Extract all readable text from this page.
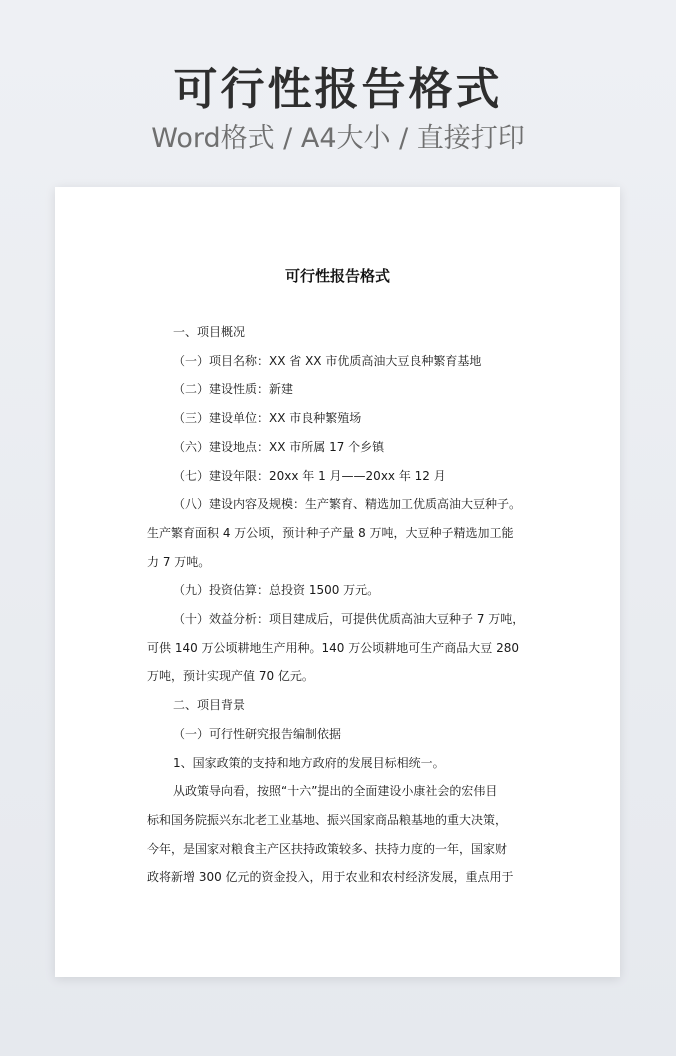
可行性报告格式
Word格式 / A4大小 / 直接打印
可行性报告格式

一、项目概况

（一）项目名称：XX 省 XX 市优质高油大豆良种繁育基地

（二）建设性质：新建

（三）建设单位：XX 市良种繁殖场

（六）建设地点：XX 市所属 17 个乡镇

（七）建设年限：20xx 年 1 月——20xx 年 12 月

（八）建设内容及规模：生产繁育、精选加工优质高油大豆种子。
生产繁育面积 4 万公顷，预计种子产量 8 万吨，大豆种子精选加工能
力 7 万吨。

（九）投资估算：总投资 1500 万元。

（十）效益分析：项目建成后，可提供优质高油大豆种子 7 万吨，
可供 140 万公顷耕地生产用种。140 万公顷耕地可生产商品大豆 280
万吨，预计实现产值 70 亿元。

二、项目背景

（一）可行性研究报告编制依据

1、国家政策的支持和地方政府的发展目标相统一。

从政策导向看，按照“十六”提出的全面建设小康社会的宏伟目
标和国务院振兴东北老工业基地、振兴国家商品粮基地的重大决策，
今年，是国家对粮食主产区扶持政策较多、扶持力度的一年，国家财
政将新增 300 亿元的资金投入，用于农业和农村经济发展，重点用于
